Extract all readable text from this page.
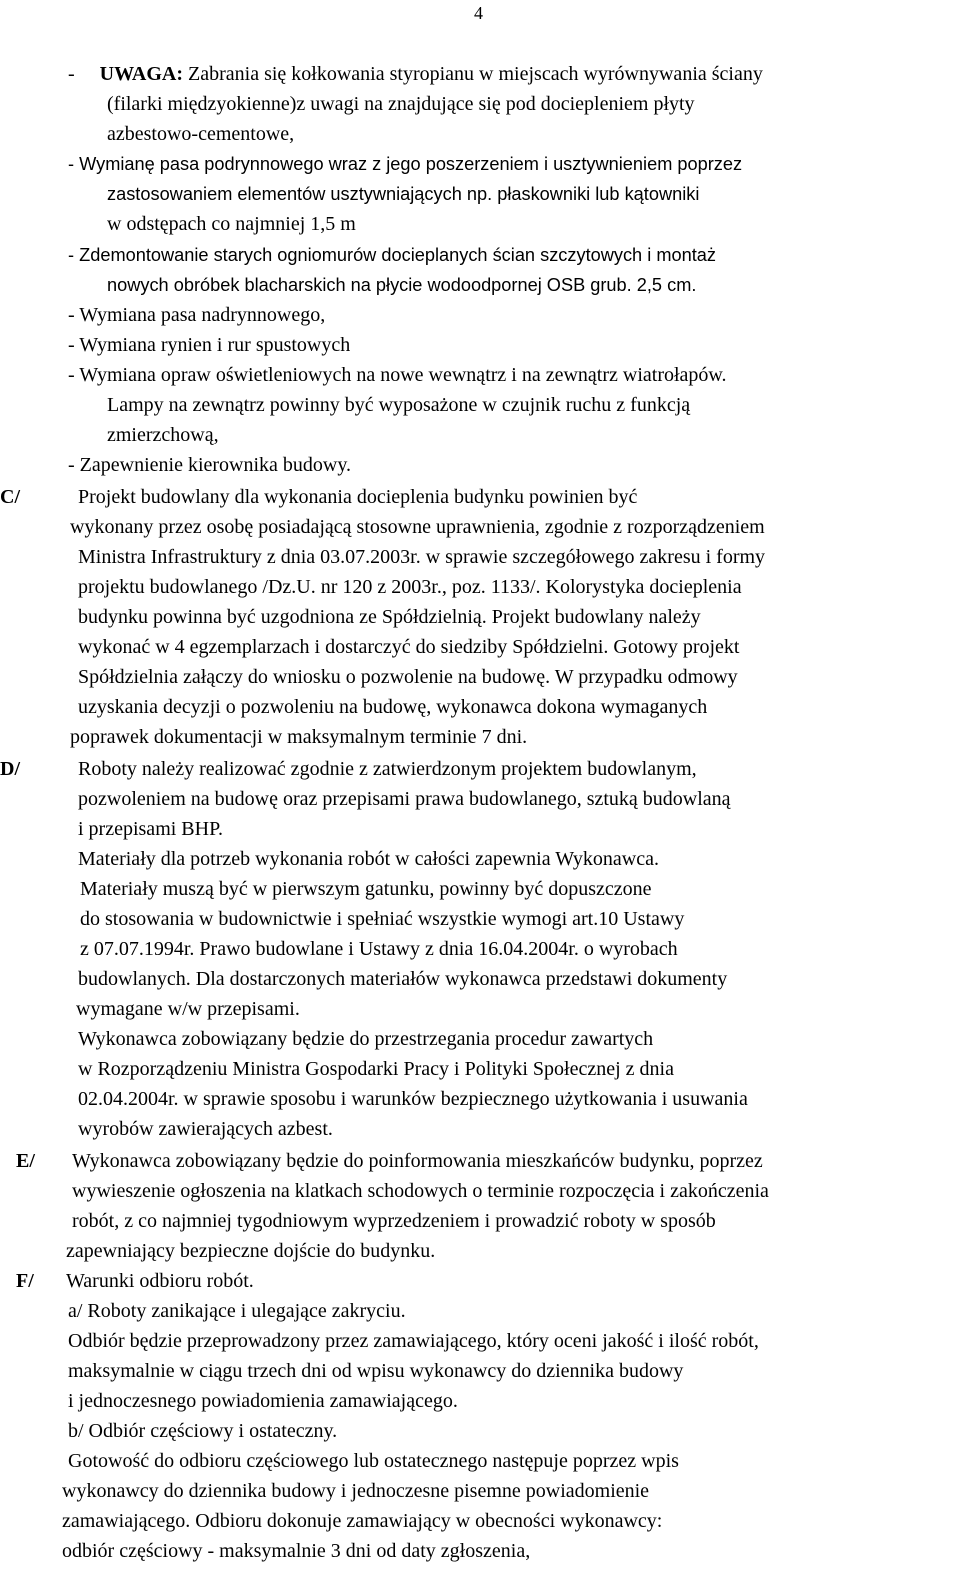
4
-     UWAGA: Zabrania się kołkowania styropianu w miejscach wyrównywania ściany
(filarki międzyokienne)z uwagi na znajdujące się pod dociepleniem płyty
azbestowo-cementowe,
- Wymianę pasa podrynnowego wraz z jego poszerzeniem i usztywnieniem poprzez
zastosowaniem elementów usztywniających np. płaskowniki lub kątowniki
w odstępach co najmniej 1,5 m
- Zdemontowanie starych ogniomurów docieplanych ścian szczytowych i montaż
nowych obróbek blacharskich na płycie wodoodpornej OSB grub. 2,5 cm.
- Wymiana pasa nadrynnowego,
- Wymiana rynien i rur spustowych
- Wymiana opraw oświetleniowych na nowe wewnątrz i na zewnątrz wiatrołapów.
Lampy na zewnątrz powinny być wyposażone w czujnik ruchu z funkcją
zmierzchową,
- Zapewnienie kierownika budowy.
C/	Projekt budowlany dla wykonania docieplenia budynku powinien być
wykonany przez osobę posiadającą stosowne uprawnienia, zgodnie z rozporządzeniem
Ministra Infrastruktury z dnia 03.07.2003r. w sprawie szczegółowego zakresu i formy
projektu budowlanego /Dz.U. nr 120 z 2003r., poz. 1133/. Kolorystyka docieplenia
budynku powinna być uzgodniona ze Spółdzielnią. Projekt budowlany należy
wykonać w 4 egzemplarzach i dostarczyć do siedziby Spółdzielni. Gotowy projekt
Spółdzielnia załączy do wniosku o pozwolenie na budowę. W przypadku odmowy
uzyskania decyzji o pozwoleniu na budowę, wykonawca dokona wymaganych
poprawek dokumentacji w maksymalnym terminie 7 dni.
D/	Roboty należy realizować zgodnie z zatwierdzonym projektem budowlanym,
pozwoleniem na budowę oraz przepisami prawa budowlanego, sztuką budowlaną
i przepisami BHP.
Materiały dla potrzeb wykonania robót w całości zapewnia Wykonawca.
Materiały muszą być w pierwszym gatunku, powinny być dopuszczone
do stosowania w budownictwie i spełniać wszystkie wymogi art.10 Ustawy
z 07.07.1994r. Prawo budowlane i Ustawy z dnia 16.04.2004r. o wyrobach
budowlanych. Dla dostarczonych materiałów wykonawca przedstawi dokumenty
wymagane w/w przepisami.
Wykonawca zobowiązany będzie do przestrzegania procedur zawartych
w Rozporządzeniu Ministra Gospodarki Pracy i Polityki Społecznej z dnia
02.04.2004r. w sprawie sposobu i warunków bezpiecznego użytkowania i usuwania
wyrobów zawierających azbest.
E/ Wykonawca zobowiązany będzie do poinformowania mieszkańców budynku, poprzez
wywieszenie ogłoszenia na klatkach schodowych o terminie rozpoczęcia i zakończenia
robót, z co najmniej tygodniowym wyprzedzeniem i prowadzić roboty w sposób
zapewniający bezpieczne dojście do budynku.
F/ Warunki odbioru robót.
a/ Roboty zanikające i ulegające zakryciu.
Odbiór będzie przeprowadzony przez zamawiającego, który oceni jakość i ilość robót,
maksymalnie w ciągu trzech dni od wpisu wykonawcy do dziennika budowy
i jednoczesnego powiadomienia zamawiającego.
b/ Odbiór częściowy i ostateczny.
Gotowość do odbioru częściowego lub ostatecznego następuje poprzez wpis
wykonawcy do dziennika budowy i jednoczesne pisemne powiadomienie
zamawiającego. Odbioru dokonuje zamawiający w obecności wykonawcy:
odbiór częściowy - maksymalnie 3 dni od daty zgłoszenia,
